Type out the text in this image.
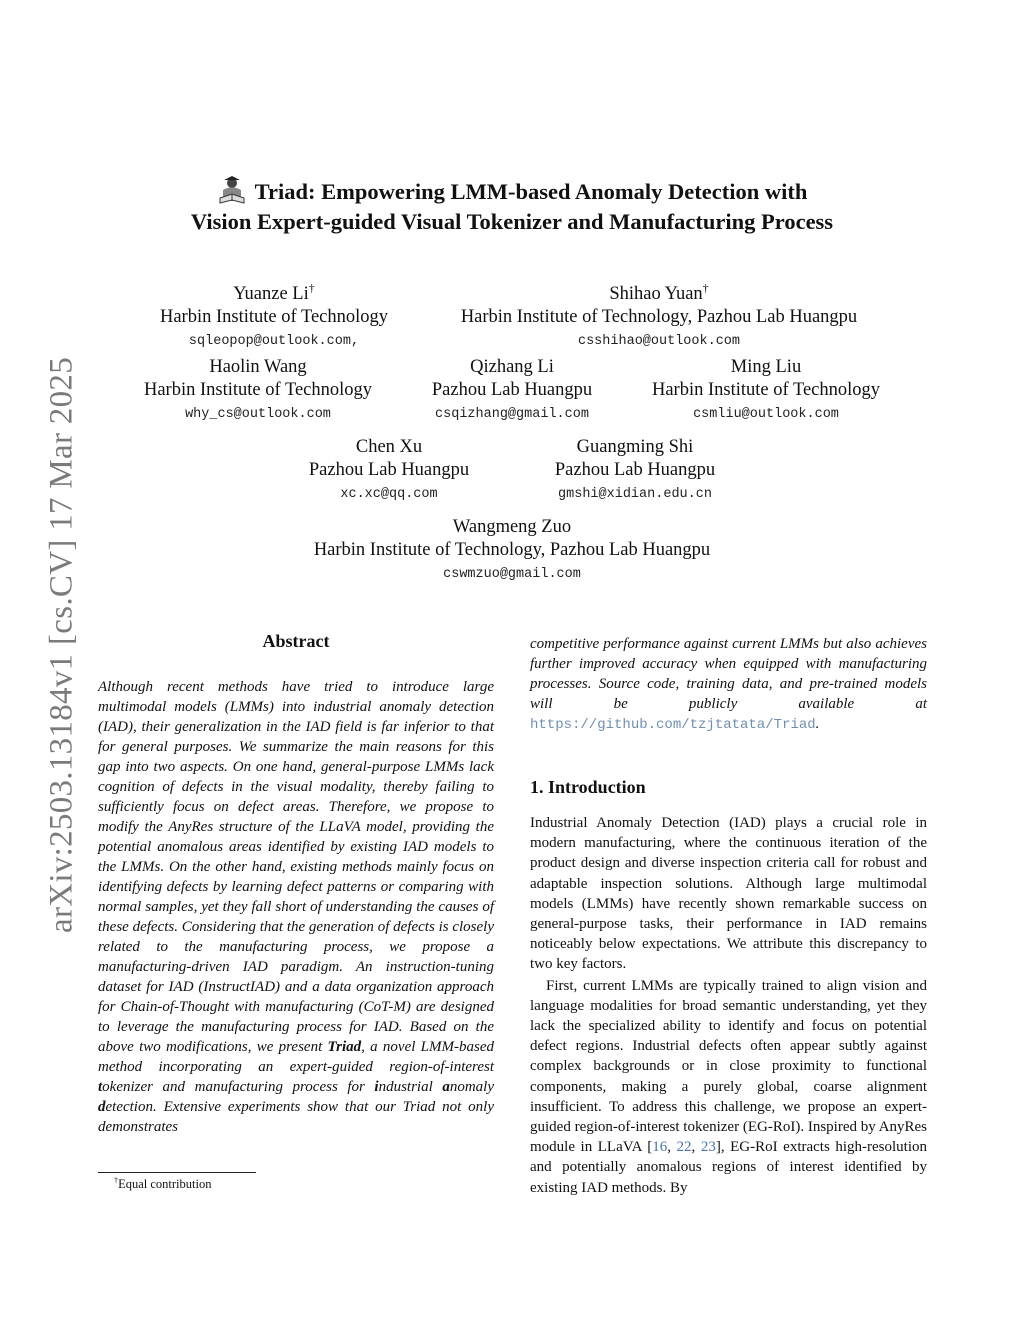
arXiv:2503.13184v1 [cs.CV] 17 Mar 2025
Triad: Empowering LMM-based Anomaly Detection with
Vision Expert-guided Visual Tokenizer and Manufacturing Process
Yuanze Li†
Harbin Institute of Technology
sqleopop@outlook.com,
Shihao Yuan†
Harbin Institute of Technology, Pazhou Lab Huangpu
csshihao@outlook.com
Haolin Wang
Harbin Institute of Technology
why_cs@outlook.com
Qizhang Li
Pazhou Lab Huangpu
csqizhang@gmail.com
Ming Liu
Harbin Institute of Technology
csmliu@outlook.com
Chen Xu
Pazhou Lab Huangpu
xc.xc@qq.com
Guangming Shi
Pazhou Lab Huangpu
gmshi@xidian.edu.cn
Wangmeng Zuo
Harbin Institute of Technology, Pazhou Lab Huangpu
cswmzuo@gmail.com
Abstract
Although recent methods have tried to introduce large multimodal models (LMMs) into industrial anomaly detection (IAD), their generalization in the IAD field is far inferior to that for general purposes. We summarize the main reasons for this gap into two aspects. On one hand, general-purpose LMMs lack cognition of defects in the visual modality, thereby failing to sufficiently focus on defect areas. Therefore, we propose to modify the AnyRes structure of the LLaVA model, providing the potential anomalous areas identified by existing IAD models to the LMMs. On the other hand, existing methods mainly focus on identifying defects by learning defect patterns or comparing with normal samples, yet they fall short of understanding the causes of these defects. Considering that the generation of defects is closely related to the manufacturing process, we propose a manufacturing-driven IAD paradigm. An instruction-tuning dataset for IAD (InstructIAD) and a data organization approach for Chain-of-Thought with manufacturing (CoT-M) are designed to leverage the manufacturing process for IAD. Based on the above two modifications, we present Triad, a novel LMM-based method incorporating an expert-guided region-of-interest tokenizer and manufacturing process for industrial anomaly detection. Extensive experiments show that our Triad not only demonstrates
competitive performance against current LMMs but also achieves further improved accuracy when equipped with manufacturing processes. Source code, training data, and pre-trained models will be publicly available at https://github.com/tzjtatata/Triad.
1. Introduction

Industrial Anomaly Detection (IAD) plays a crucial role in modern manufacturing, where the continuous iteration of the product design and diverse inspection criteria call for robust and adaptable inspection solutions. Although large multimodal models (LMMs) have recently shown remarkable success on general-purpose tasks, their performance in IAD remains noticeably below expectations. We attribute this discrepancy to two key factors.

First, current LMMs are typically trained to align vision and language modalities for broad semantic understanding, yet they lack the specialized ability to identify and focus on potential defect regions. Industrial defects often appear subtly against complex backgrounds or in close proximity to functional components, making a purely global, coarse alignment insufficient. To address this challenge, we propose an expert-guided region-of-interest tokenizer (EG-RoI). Inspired by AnyRes module in LLaVA [16, 22, 23], EG-RoI extracts high-resolution and potentially anomalous regions of interest identified by existing IAD methods. By

†Equal contribution
